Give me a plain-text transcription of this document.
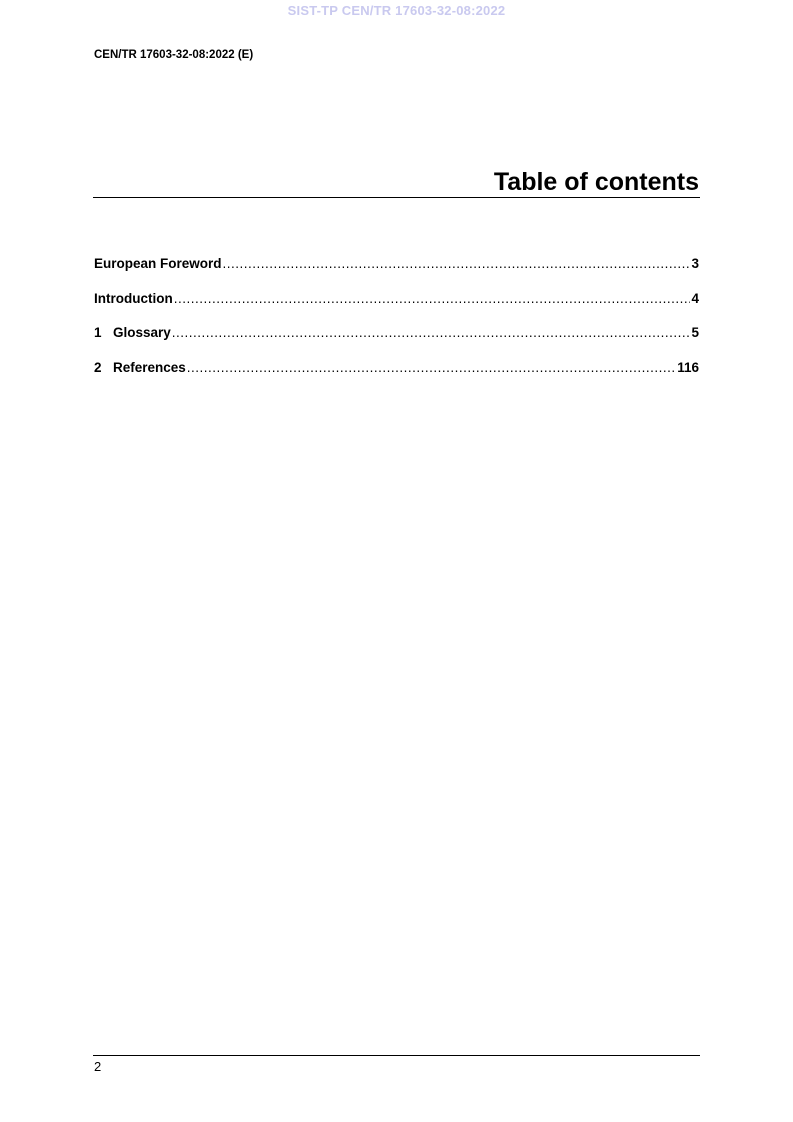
SIST-TP CEN/TR 17603-32-08:2022
CEN/TR 17603-32-08:2022 (E)
Table of contents
European Foreword .....	3
Introduction .....	4
1 Glossary .....	5
2 References .....	116
2
